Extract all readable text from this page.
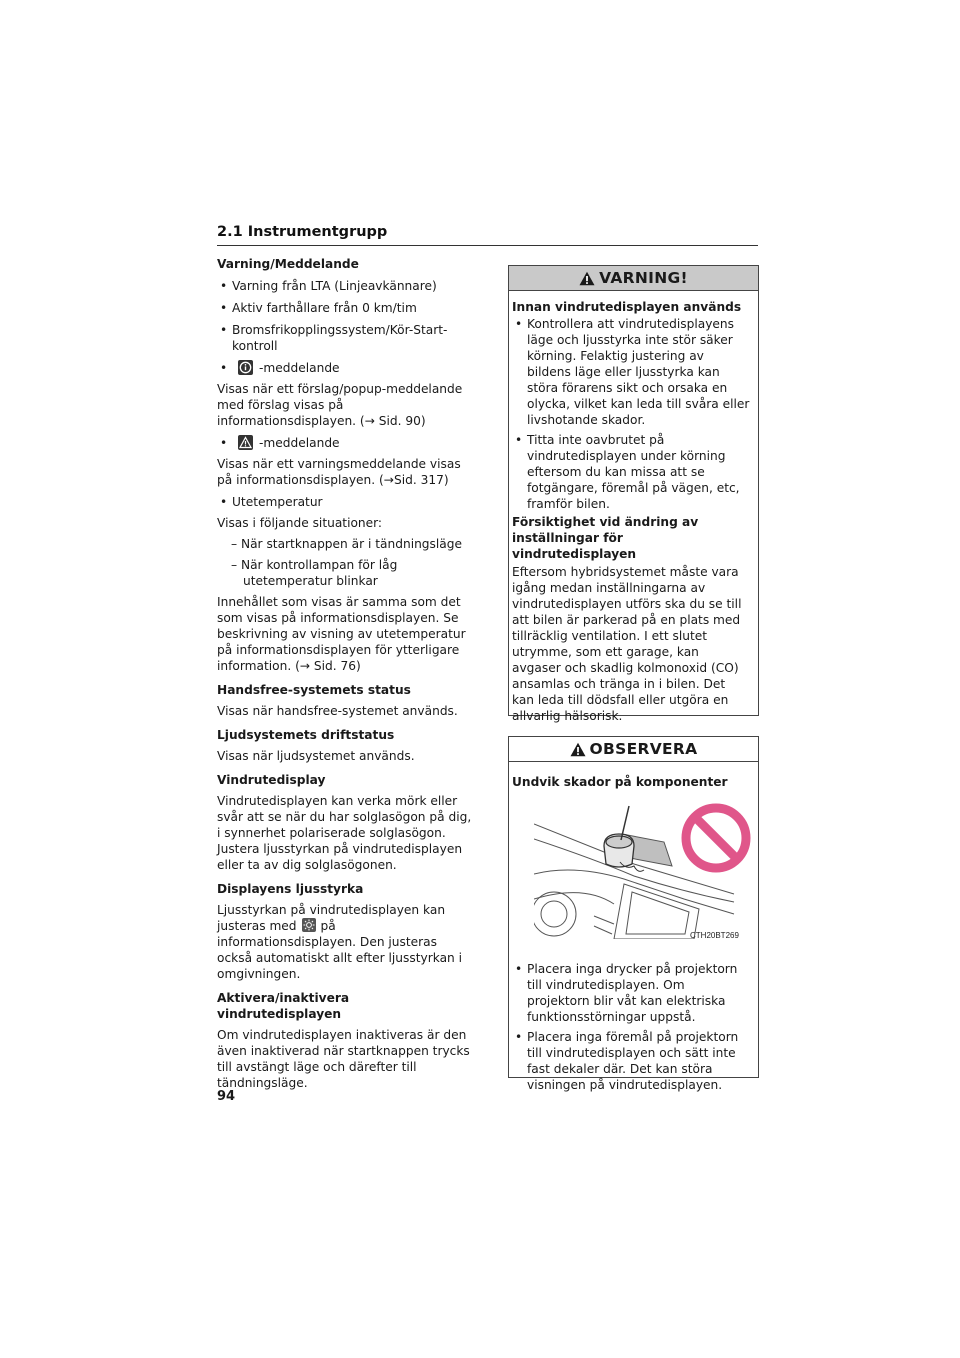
2.1 Instrumentgrupp
Varning/Meddelande
• Varning från LTA (Linjeavkännare)
• Aktiv farthållare från 0 km/tim
• Bromsfrikopplingssystem/Kör-Start-kontroll
• -meddelande

Visas när ett förslag/popup-meddelande med förslag visas på informationsdisplayen. (→ Sid. 90)

• -meddelande

Visas när ett varningsmeddelande visas på informationsdisplayen. (→Sid. 317)

• Utetemperatur

Visas i följande situationer:

– När startknappen är i tändningsläge

– När kontrollampan för låg utetemperatur blinkar

Innehållet som visas är samma som det som visas på informationsdisplayen. Se beskrivning av visning av utetemperatur på informationsdisplayen för ytterligare information. (→ Sid. 76)

Handsfree-systemets status

Visas när handsfree-systemet används.

Ljudsystemets driftstatus

Visas när ljudsystemet används.

Vindrutedisplay

Vindrutedisplayen kan verka mörk eller svår att se när du har solglasögon på dig, i synnerhet polariserade solglasögon. Justera ljusstyrkan på vindrutedisplayen eller ta av dig solglasögonen.

Displayens ljusstyrka

Ljusstyrkan på vindrutedisplayen kan justeras med på informationsdisplayen. Den justeras också automatiskt allt efter ljusstyrkan i omgivningen.

Aktivera/inaktivera vindrutedisplayen

Om vindrutedisplayen inaktiveras är den även inaktiverad när startknappen trycks till avstängt läge och därefter till tändningsläge.

VARNING!
Innan vindrutedisplayen används
• Kontrollera att vindrutedisplayens läge och ljusstyrka inte stör säker körning. Felaktig justering av bildens läge eller ljusstyrka kan störa förarens sikt och orsaka en olycka, vilket kan leda till svåra eller livshotande skador.
• Titta inte oavbrutet på vindrutedisplayen under körning eftersom du kan missa att se fotgängare, föremål på vägen, etc, framför bilen.
Försiktighet vid ändring av inställningar för vindrutedisplayen

Eftersom hybridsystemet måste vara igång medan inställningarna av vindrutedisplayen utförs ska du se till att bilen är parkerad på en plats med tillräcklig ventilation. I ett slutet utrymme, som ett garage, kan avgaser och skadlig kolmonoxid (CO) ansamlas och tränga in i bilen. Det kan leda till dödsfall eller utgöra en allvarlig hälsorisk.

OBSERVERA
Undvik skador på komponenter
CTH20BT269
• Placera inga drycker på projektorn till vindrutedisplayen. Om projektorn blir våt kan elektriska funktionsstörningar uppstå.
• Placera inga föremål på projektorn till vindrutedisplayen och sätt inte fast dekaler där. Det kan störa visningen på vindrutedisplayen.
94
